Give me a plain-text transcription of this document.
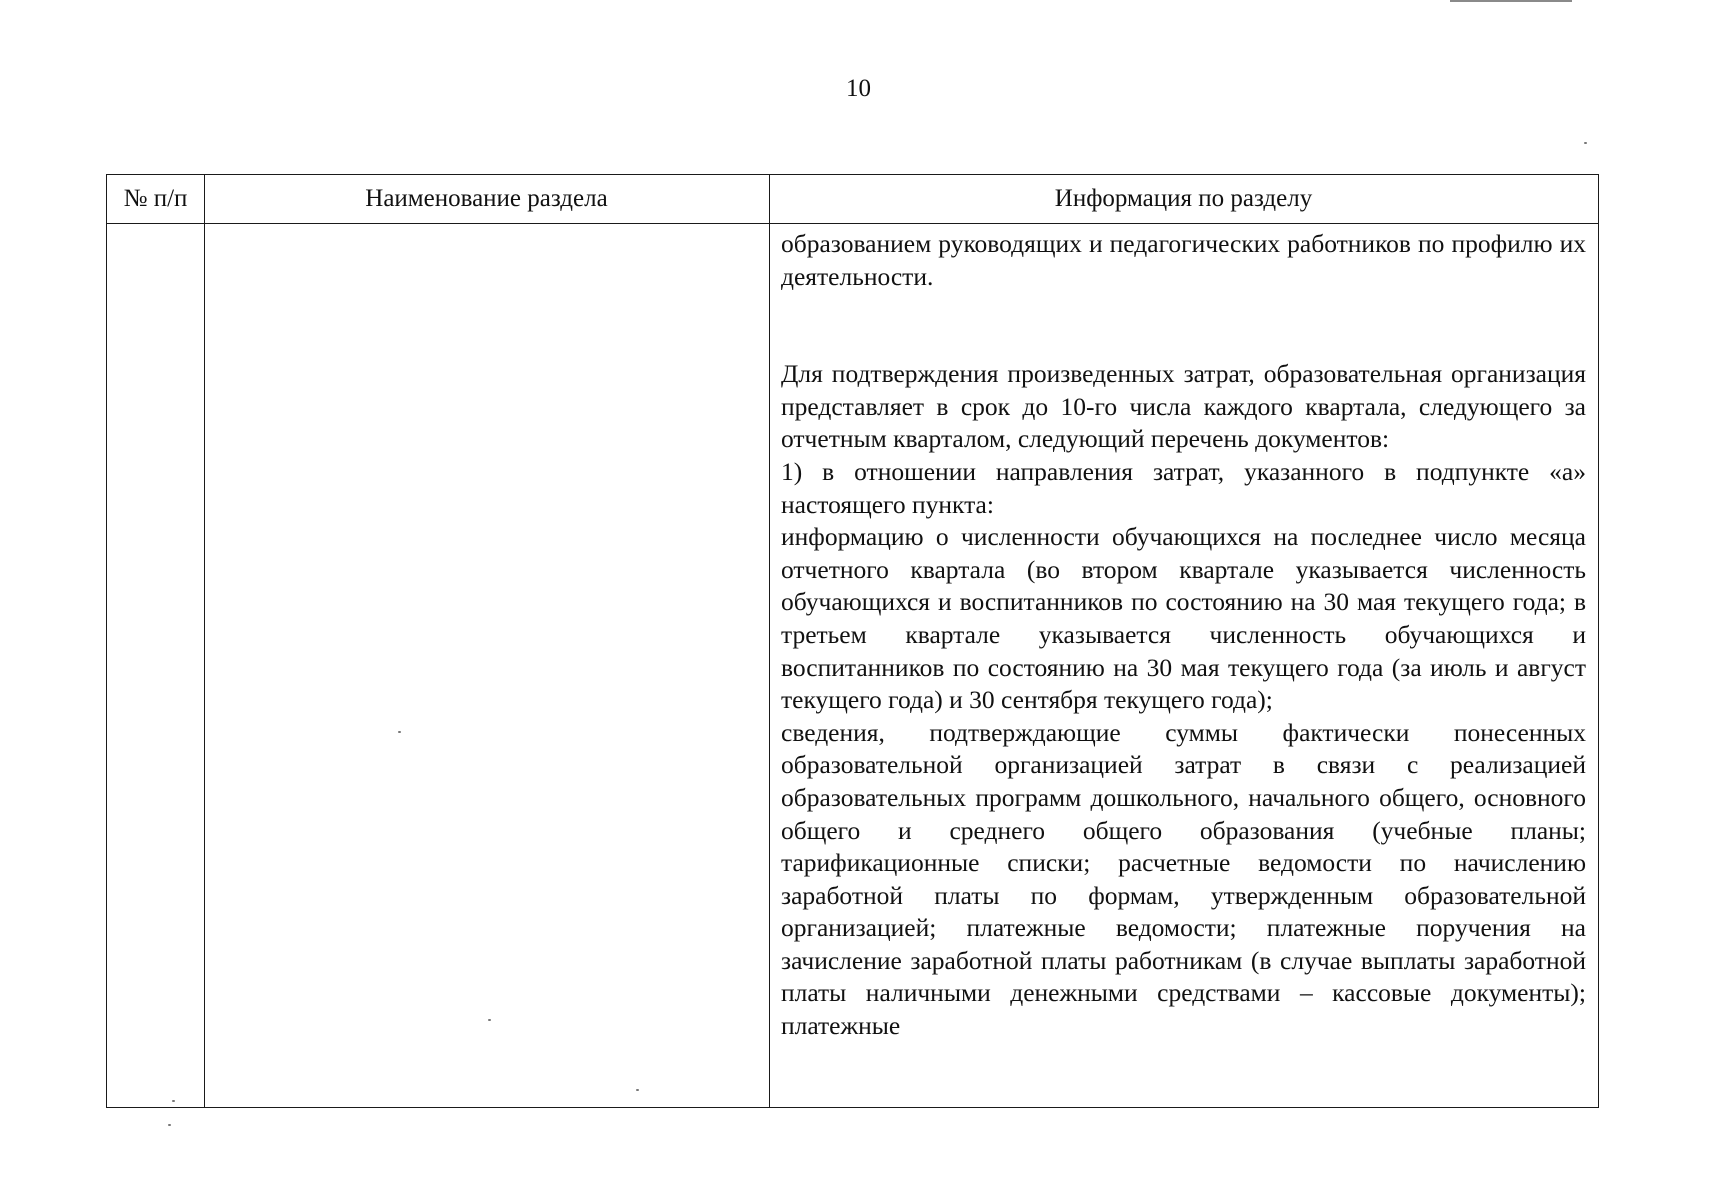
10
№ п/п	Наименование раздела	Информация по разделу

образованием руководящих и педагогических работников по профилю их деятельности.

Для подтверждения произведенных затрат, образовательная организация представляет в срок до 10-го числа каждого квартала, следующего за отчетным кварталом, следующий перечень документов:

1) в отношении направления затрат, указанного в подпункте «а» настоящего пункта:

информацию о численности обучающихся на последнее число месяца отчетного квартала (во втором квартале указывается численность обучающихся и воспитанников по состоянию на 30 мая текущего года; в третьем квартале указывается численность обучающихся и воспитанников по состоянию на 30 мая текущего года (за июль и август текущего года) и 30 сентября текущего года);

сведения, подтверждающие суммы фактически понесенных образовательной организацией затрат в связи с реализацией образовательных программ дошкольного, начального общего, основного общего и среднего общего образования (учебные планы; тарификационные списки; расчетные ведомости по начислению заработной платы по формам, утвержденным образовательной организацией; платежные ведомости; платежные поручения на зачисление заработной платы работникам (в случае выплаты заработной платы наличными денежными средствами – кассовые документы); платежные
